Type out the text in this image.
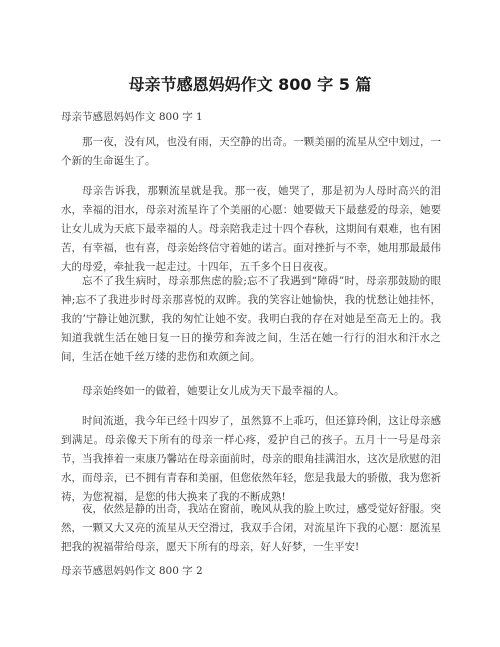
母亲节感恩妈妈作文 800 字 5 篇
母亲节感恩妈妈作文 800 字 1

那一夜，没有风，也没有雨，天空静的出奇。一颗美丽的流星从空中划过，一个新的生命诞生了。

母亲告诉我，那颗流星就是我。那一夜，她哭了，那是初为人母时高兴的泪水，幸福的泪水，母亲对流星许了个美丽的心愿：她要做天下最慈爱的母亲，她要让女儿成为天底下最幸福的人。母亲陪我走过十四个春秋，这期间有艰难，也有困苦，有幸福，也有喜，母亲始终信守着她的诺言。面对挫折与不幸，她用那最最伟大的母爱，牵扯我一起走过。十四年，五千多个日日夜夜。

忘不了我生病时，母亲那焦虑的脸;忘不了我遇到“障碍”时，母亲那鼓励的眼神;忘不了我进步时母亲那喜悦的双眸。我的笑容让她愉快，我的忧愁让她挂怀，我的’宁静让她沉默，我的匆忙让她不安。我明白我的存在对她是至高无上的。我知道我就生活在她日复一日的操劳和奔波之间，生活在她一行行的泪水和汗水之间，生活在她千丝万缕的悲伤和欢颜之间。

母亲始终如一的做着，她要让女儿成为天下最幸福的人。

时间流逝，我今年已经十四岁了，虽然算不上乖巧，但还算玲俐，这让母亲感到满足。母亲像天下所有的母亲一样心疼，爱护自己的孩子。五月十一号是母亲节，当我捧着一束康乃馨站在母亲面前时，母亲的眼角挂满泪水，这次是欣慰的泪水，而母亲，已不拥有青春和美丽，但您依然年轻，您是我最大的骄傲，我为您祈祷，为您祝福，是您的伟大换来了我的不断成熟!

夜，依然是静的出奇，我站在窗前，晚风从我的脸上吹过，感受觉好舒服。突然，一颗又大又亮的流星从天空滑过，我双手合闭，对流星许下我的心愿：愿流星把我的祝福带给母亲，愿天下所有的母亲，好人好梦，一生平安!

母亲节感恩妈妈作文 800 字 2
